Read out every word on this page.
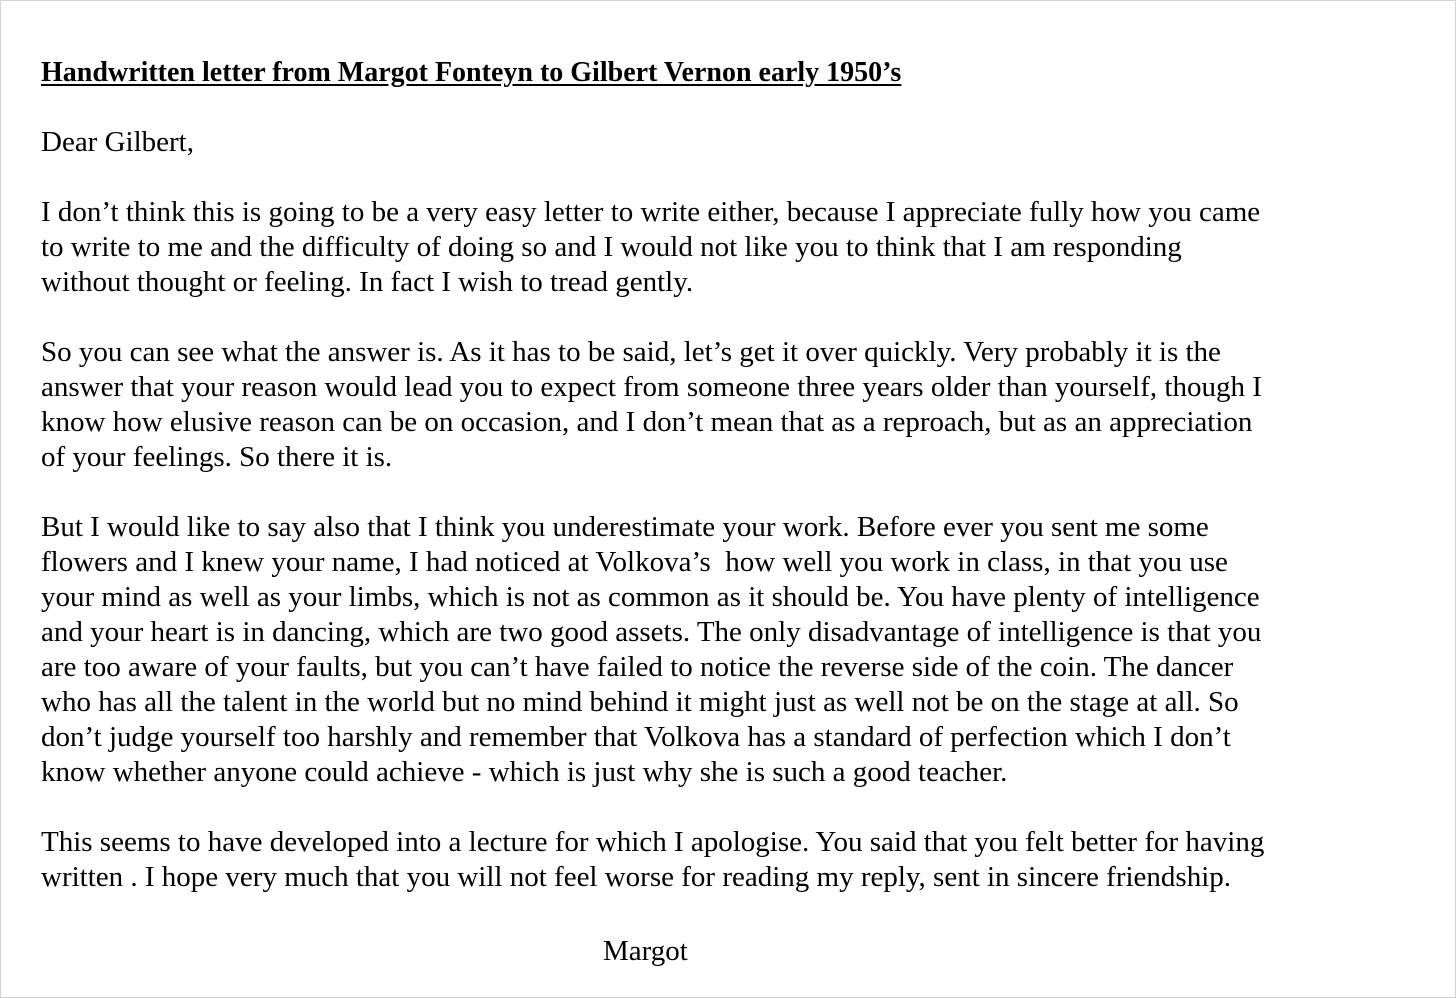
Handwritten letter from Margot Fonteyn to Gilbert Vernon early 1950’s
Dear Gilbert,
I don’t think this is going to be a very easy letter to write either, because I appreciate fully how you came
to write to me and the difficulty of doing so and I would not like you to think that I am responding
without thought or feeling. In fact I wish to tread gently.
So you can see what the answer is. As it has to be said, let’s get it over quickly. Very probably it is the
answer that your reason would lead you to expect from someone three years older than yourself, though I
know how elusive reason can be on occasion, and I don’t mean that as a reproach, but as an appreciation
of your feelings. So there it is.
But I would like to say also that I think you underestimate your work. Before ever you sent me some
flowers and I knew your name, I had noticed at Volkova’s  how well you work in class, in that you use
your mind as well as your limbs, which is not as common as it should be. You have plenty of intelligence
and your heart is in dancing, which are two good assets. The only disadvantage of intelligence is that you
are too aware of your faults, but you can’t have failed to notice the reverse side of the coin. The dancer
who has all the talent in the world but no mind behind it might just as well not be on the stage at all. So
don’t judge yourself too harshly and remember that Volkova has a standard of perfection which I don’t
know whether anyone could achieve - which is just why she is such a good teacher.
This seems to have developed into a lecture for which I apologise. You said that you felt better for having
written . I hope very much that you will not feel worse for reading my reply, sent in sincere friendship.
Margot
